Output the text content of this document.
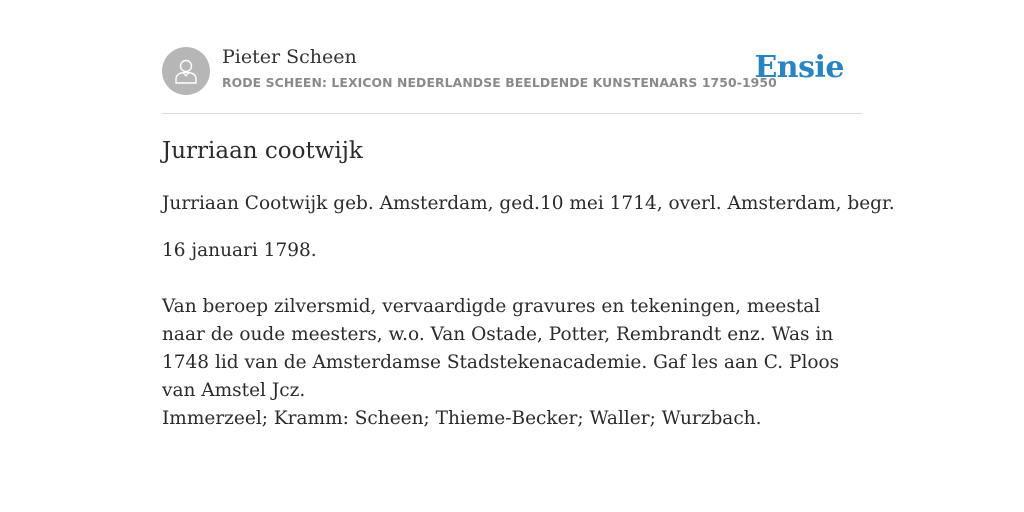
Pieter Scheen
RODE SCHEEN: LEXICON NEDERLANDSE BEELDENDE KUNSTENAARS 1750-1950
Ensie
Jurriaan cootwijk

Jurriaan Cootwijk geb. Amsterdam, ged.10 mei 1714, overl. Amsterdam, begr.

16 januari 1798.

Van beroep zilversmid, vervaardigde gravures en tekeningen, meestal naar de oude meesters, w.o. Van Ostade, Potter, Rembrandt enz. Was in 1748 lid van de Amsterdamse Stadstekenacademie. Gaf les aan C. Ploos van Amstel Jcz.

Immerzeel; Kramm: Scheen; Thieme-Becker; Waller; Wurzbach.
